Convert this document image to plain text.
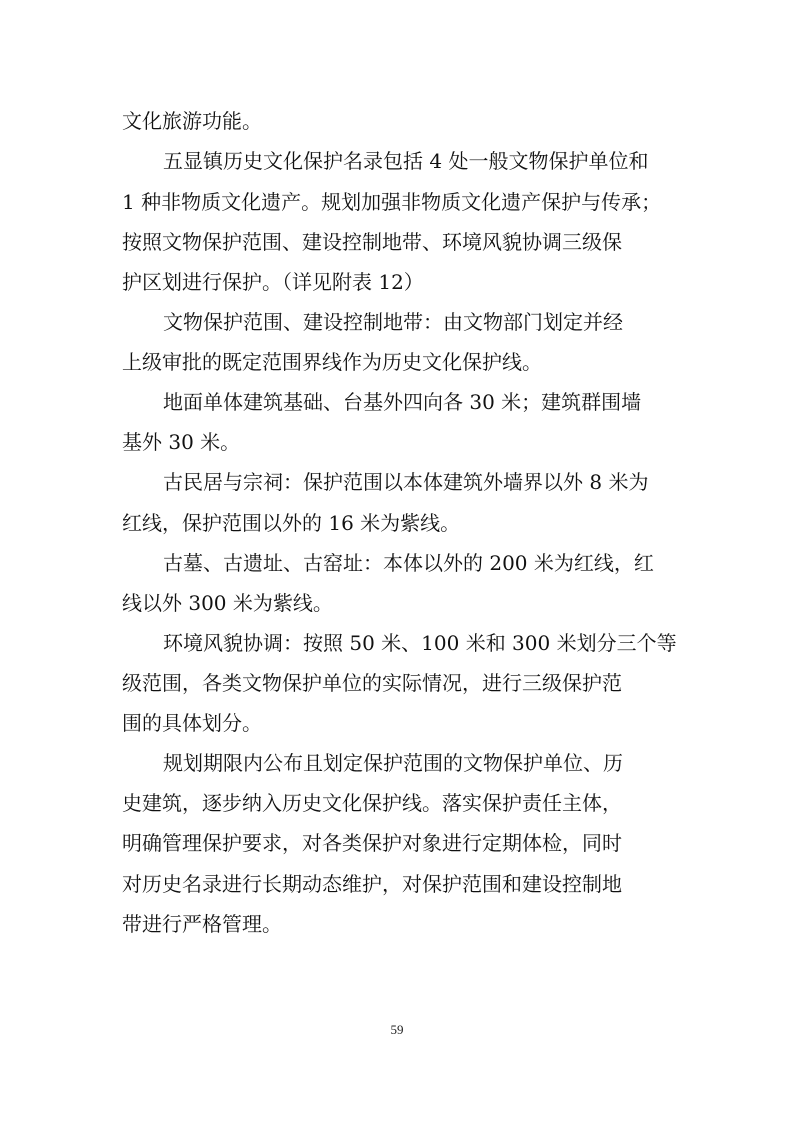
文化旅游功能。
五显镇历史文化保护名录包括 4 处一般文物保护单位和
1 种非物质文化遗产。规划加强非物质文化遗产保护与传承；
按照文物保护范围、建设控制地带、环境风貌协调三级保
护区划进行保护。（详见附表 12）
文物保护范围、建设控制地带：由文物部门划定并经
上级审批的既定范围界线作为历史文化保护线。
地面单体建筑基础、台基外四向各 30 米；建筑群围墙
基外 30 米。
古民居与宗祠：保护范围以本体建筑外墙界以外 8 米为
红线，保护范围以外的 16 米为紫线。
古墓、古遗址、古窑址：本体以外的 200 米为红线，红
线以外 300 米为紫线。
环境风貌协调：按照 50 米、100 米和 300 米划分三个等
级范围，各类文物保护单位的实际情况，进行三级保护范
围的具体划分。
规划期限内公布且划定保护范围的文物保护单位、历
史建筑，逐步纳入历史文化保护线。落实保护责任主体，
明确管理保护要求，对各类保护对象进行定期体检，同时
对历史名录进行长期动态维护，对保护范围和建设控制地
带进行严格管理。
59
